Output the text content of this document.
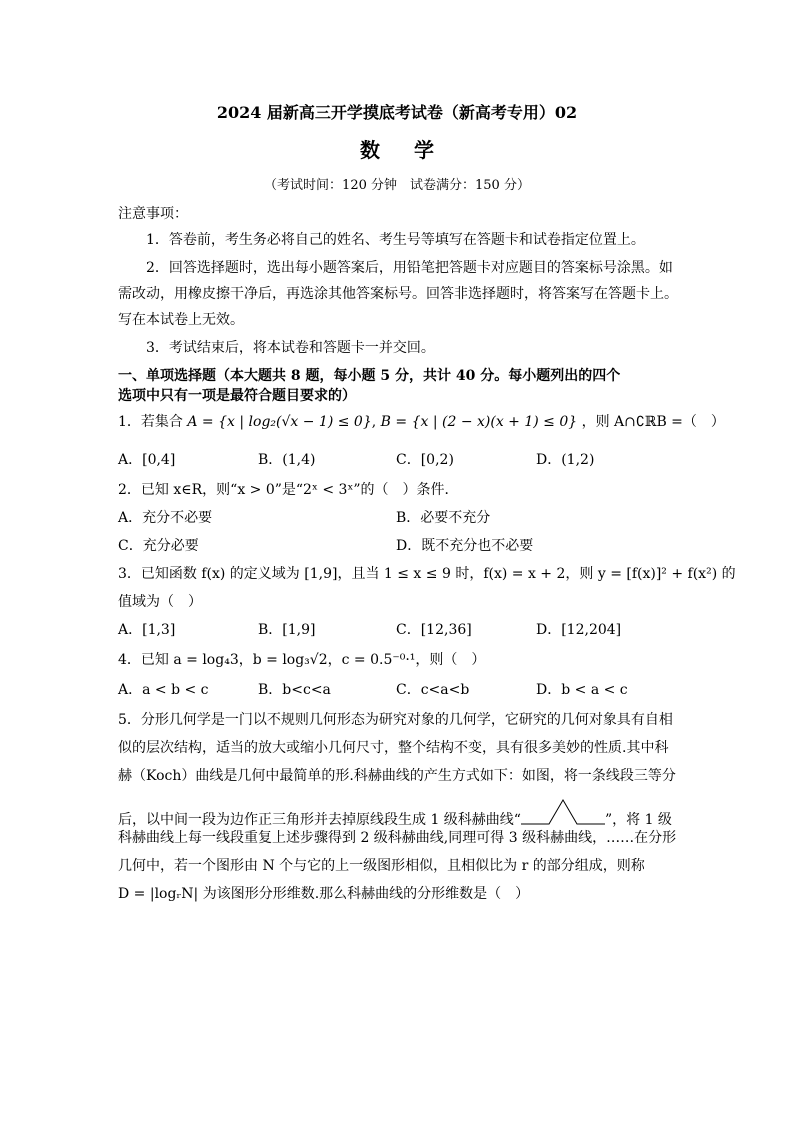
2024 届新高三开学摸底考试卷（新高考专用）02
数学
（考试时间：120 分钟　试卷满分：150 分）
注意事项：
1．答卷前，考生务必将自己的姓名、考生号等填写在答题卡和试卷指定位置上。
2．回答选择题时，选出每小题答案后，用铅笔把答题卡对应题目的答案标号涂黑。如
需改动，用橡皮擦干净后，再选涂其他答案标号。回答非选择题时，将答案写在答题卡上。
写在本试卷上无效。
3．考试结束后，将本试卷和答题卡一并交回。
一、单项选择题（本大题共 8 题，每小题 5 分，共计 40 分。每小题列出的四个
选项中只有一项是最符合题目要求的）
1．若集合 A = {x | log₂(√x − 1) ≤ 0}, B = {x | (2 − x)(x + 1) ≤ 0} ，则 A∩∁ℝB =（　）
A．[0,4]	B．(1,4)	C．[0,2)	D．(1,2)
2．已知 x∈R，则“x > 0”是“2ˣ < 3ˣ”的（　）条件．
A．充分不必要	B．必要不充分
C．充分必要	D．既不充分也不必要
3．已知函数 f(x) 的定义域为 [1,9]，且当 1 ≤ x ≤ 9 时，f(x) = x + 2，则 y = [f(x)]² + f(x²) 的
值域为（　）
A．[1,3]	B．[1,9]	C．[12,36]	D．[12,204]
4．已知 a = log₄3，b = log₃√2，c = 0.5⁻⁰·¹，则（　）
A．a < b < c	B．b<c<a	C．c<a<b	D．b < a < c
5．分形几何学是一门以不规则几何形态为研究对象的几何学，它研究的几何对象具有自相
似的层次结构，适当的放大或缩小几何尺寸，整个结构不变，具有很多美妙的性质.其中科
赫（Koch）曲线是几何中最简单的形.科赫曲线的产生方式如下：如图，将一条线段三等分
后，以中间一段为边作正三角形并去掉原线段生成 1 级科赫曲线“	”，将 1 级
科赫曲线上每一线段重复上述步骤得到 2 级科赫曲线,同理可得 3 级科赫曲线，……在分形
几何中，若一个图形由 N 个与它的上一级图形相似，且相似比为 r 的部分组成，则称
D = |logᵣN| 为该图形分形维数.那么科赫曲线的分形维数是（　）
